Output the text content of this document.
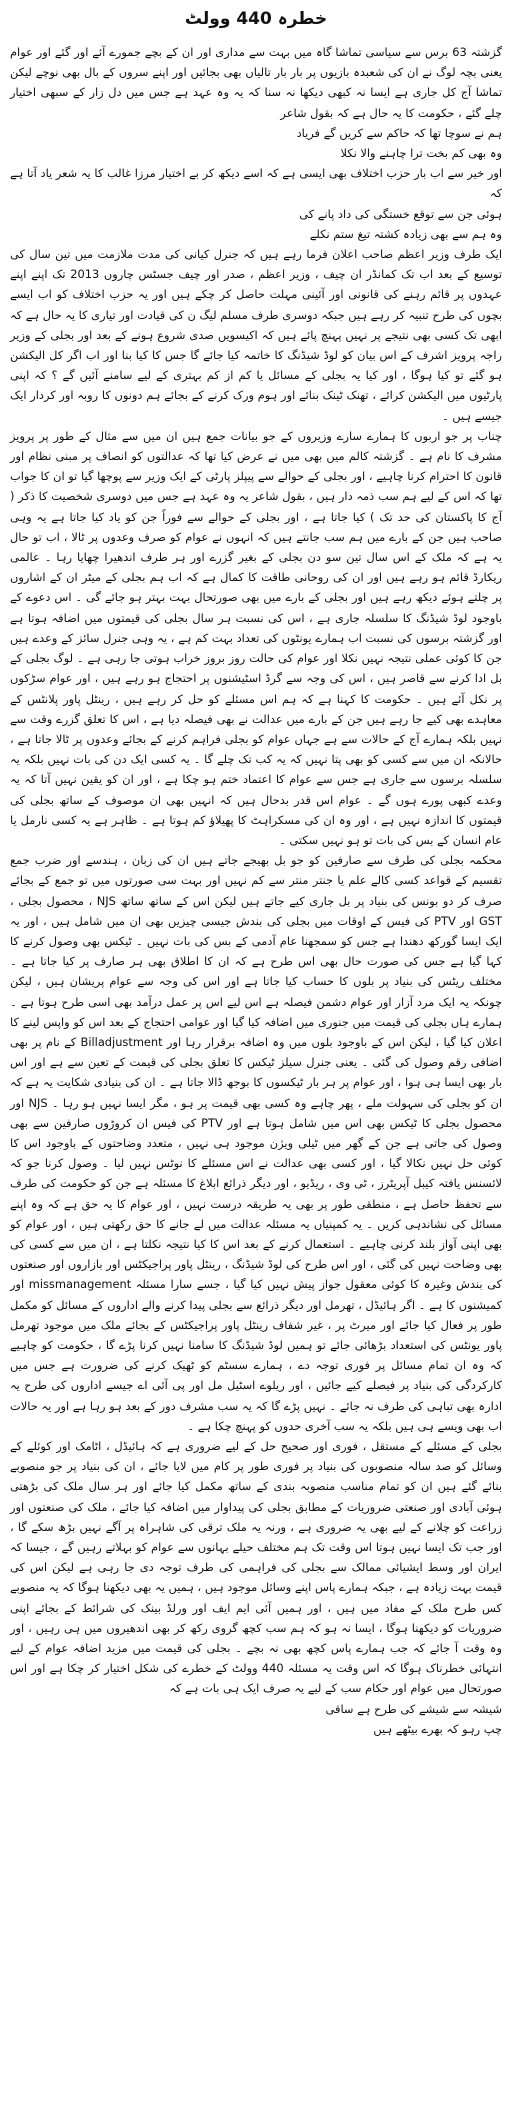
خطرہ 440 وولٹ

گزشتہ 63 برس سے سیاسی تماشا گاہ میں بہت سے مداری اور ان کے بچے جمورے آئے اور گئے اور عوام یعنی بچہ لوگ نے ان کی شعبدہ بازیوں پر بار بار تالیاں بھی بجائیں اور اپنے سروں کے بال بھی نوچے لیکن تماشا آج کل جاری ہے ایسا نہ کبھی دیکھا نہ سنا کہ یہ وہ عہد ہے جس میں دل زار کے سبھی اختیار چلے گئے ، حکومت کا یہ حال ہے کہ بقول شاعر

ہم نے سوچا تھا کہ حاکم سے کریں گے فریاد

وہ بھی کم بخت ترا چاہنے والا نکلا

اور خیر سے اب بار حزب اختلاف بھی ایسی ہے کہ اسے دیکھ کر بے اختیار مرزا غالب کا یہ شعر یاد آتا ہے کہ

ہوئی جن سے توقع خستگی کی داد پانے کی

وہ ہم سے بھی زیادہ کشتہ تیغ ستم نکلے

ایک طرف وزیر اعظم صاحب اعلان فرما رہے ہیں کہ جنرل کیانی کی مدت ملازمت میں تین سال کی توسیع کے بعد اب تک کمانڈر ان چیف ، وزیر اعظم ، صدر اور چیف جسٹس چاروں 2013 تک اپنے اپنے عہدوں پر قائم رہنے کی قانونی اور آئینی مہلت حاصل کر چکے ہیں اور یہ حزب اختلاف کو اب ایسے بچوں کی طرح تنبیہ کر رہے ہیں جبکہ دوسری طرف مسلم لیگ ن کی قیادت اور تیاری کا یہ حال ہے کہ ابھی تک کسی بھی نتیجے پر نہیں پہنچ پائے ہیں کہ اکیسویں صدی شروع ہونے کے بعد اور بجلی کے وزیر راجہ پرویز اشرف کے اس بیان کو لوڈ شیڈنگ کا خاتمہ کیا جائے گا جس کا کیا بنا اور اب اگر کل الیکشن ہو گئے تو کیا ہوگا ، اور کیا یہ بجلی کے مسائل یا کم از کم بہتری کے لیے سامنے آئیں گے ؟ کہ اپنی پارٹیوں میں الیکشن کرائے ، تھنک ٹینک بنائے اور ہوم ورک کرنے کے بجائے ہم دونوں کا روبہ اور کردار ایک جیسے ہیں ۔

چناب پر جو اربوں کا ہمارے سارے وزیروں کے جو بیانات جمع ہیں ان میں سے مثال کے طور پر پرویز مشرف کا نام ہے ۔ گزشتہ کالم میں بھی میں نے عرض کیا تھا کہ عدالتوں کو انصاف پر مبنی نظام اور قانون کا احترام کرنا چاہیے ، اور بجلی کے حوالے سے پیپلز پارٹی کے ایک وزیر سے پوچھا گیا تو ان کا جواب تھا کہ اس کے لیے ہم سب ذمہ دار ہیں ، بقول شاعر یہ وہ عہد ہے جس میں دوسری شخصیت کا ذکر ( آج کا پاکستان کی حد تک ) کیا جاتا ہے ، اور بجلی کے حوالے سے فوراً جن کو یاد کیا جاتا ہے یہ وہی صاحب ہیں جن کے بارے میں ہم سب جانتے ہیں کہ انہوں نے عوام کو صرف وعدوں پر ٹالا ، اب تو حال یہ ہے کہ ملک کے اس سال تین سو دن بجلی کے بغیر گزرے اور ہر طرف اندھیرا چھایا رہا ۔ عالمی ریکارڈ قائم ہو رہے ہیں اور ان کی روحانی طاقت کا کمال ہے کہ اب ہم بجلی کے میٹر ان کے اشاروں پر چلتے ہوئے دیکھ رہے ہیں اور بجلی کے بارے میں بھی صورتحال بہت بہتر ہو جائے گی ۔ اس دعوے کے باوجود لوڈ شیڈنگ کا سلسلہ جاری ہے ، اس کی نسبت ہر سال بجلی کی قیمتوں میں اضافہ ہوتا ہے اور گزشتہ برسوں کی نسبت اب ہمارے یونٹوں کی تعداد بہت کم ہے ، یہ وہی جنرل سائز کے وعدے ہیں جن کا کوئی عملی نتیجہ نہیں نکلا اور عوام کی حالت روز بروز خراب ہوتی جا رہی ہے ۔ لوگ بجلی کے بل ادا کرنے سے قاصر ہیں ، اس کی وجہ سے گرڈ اسٹیشنوں پر احتجاج ہو رہے ہیں ، اور عوام سڑکوں پر نکل آئے ہیں ۔ حکومت کا کہنا ہے کہ ہم اس مسئلے کو حل کر رہے ہیں ، رینٹل پاور پلانٹس کے معاہدے بھی کیے جا رہے ہیں جن کے بارے میں عدالت نے بھی فیصلہ دیا ہے ، اس کا تعلق گزرے وقت سے نہیں بلکہ ہمارے آج کے حالات سے ہے جہاں عوام کو بجلی فراہم کرنے کے بجائے وعدوں پر ٹالا جاتا ہے ، حالانکہ ان میں سے کسی کو بھی پتا نہیں کہ یہ کب تک چلے گا ۔ یہ کسی ایک دن کی بات نہیں بلکہ یہ سلسلہ برسوں سے جاری ہے جس سے عوام کا اعتماد ختم ہو چکا ہے ، اور ان کو یقین نہیں آتا کہ یہ وعدے کبھی پورے ہوں گے ۔ عوام اس قدر بدحال ہیں کہ انہیں بھی ان موصوف کے ساتھ بجلی کی قیمتوں کا اندازہ نہیں ہے ، اور وہ ان کی مسکراہٹ کا پھیلاؤ کم ہوتا ہے ۔ ظاہر ہے یہ کسی نارمل یا عام انسان کے بس کی بات تو ہو نہیں سکتی ۔

محکمہ بجلی کی طرف سے صارفین کو جو بل بھیجے جاتے ہیں ان کی زبان ، ہندسے اور ضرب جمع تقسیم کے قواعد کسی کالے علم یا جنتر منتر سے کم نہیں اور بہت سی صورتوں میں تو جمع کے بجائے صرف کر دو بونس کی بنیاد پر بل جاری کیے جاتے ہیں لیکن اس کے ساتھ ساتھ NJS ، محصول بجلی ، GST اور PTV کی فیس کے اوقات میں بجلی کی بندش جیسی چیزیں بھی ان میں شامل ہیں ، اور یہ ایک ایسا گورکھ دھندا ہے جس کو سمجھنا عام آدمی کے بس کی بات نہیں ۔ ٹیکس بھی وصول کرنے کا کہا گیا ہے جس کی صورت حال بھی اس طرح ہے کہ ان کا اطلاق بھی ہر صارف پر کیا جاتا ہے ۔ مختلف ریٹس کی بنیاد پر بلوں کا حساب کیا جاتا ہے اور اس کی وجہ سے عوام پریشان ہیں ، لیکن چونکہ یہ ایک مرد آزار اور عوام دشمن فیصلہ ہے اس لیے اس پر عمل درآمد بھی اسی طرح ہوتا ہے ۔ ہمارے ہاں بجلی کی قیمت میں جنوری میں اضافہ کیا گیا اور عوامی احتجاج کے بعد اس کو واپس لینے کا اعلان کیا گیا ، لیکن اس کے باوجود بلوں میں وہ اضافہ برقرار رہا اور Billadjustment کے نام پر بھی اضافی رقم وصول کی گئی ۔ یعنی جنرل سیلز ٹیکس کا تعلق بجلی کی قیمت کے تعین سے ہے اور اس بار بھی ایسا ہی ہوا ، اور عوام پر ہر بار ٹیکسوں کا بوجھ ڈالا جاتا ہے ۔ ان کی بنیادی شکایت یہ ہے کہ ان کو بجلی کی سہولت ملے ، پھر چاہے وہ کسی بھی قیمت پر ہو ، مگر ایسا نہیں ہو رہا ۔ NJS اور محصول بجلی کا ٹیکس بھی اس میں شامل ہوتا ہے اور PTV کی فیس ان کروڑوں صارفین سے بھی وصول کی جاتی ہے جن کے گھر میں ٹیلی ویژن موجود ہی نہیں ، متعدد وضاحتوں کے باوجود اس کا کوئی حل نہیں نکالا گیا ، اور کسی بھی عدالت نے اس مسئلے کا نوٹس نہیں لیا ۔ وصول کرنا جو کہ لائسنس یافتہ کیبل آپریٹرز ، ٹی وی ، ریڈیو ، اور دیگر ذرائع ابلاغ کا مسئلہ ہے جن کو حکومت کی طرف سے تحفظ حاصل ہے ، منطقی طور پر بھی یہ طریقہ درست نہیں ، اور عوام کا یہ حق ہے کہ وہ اپنے مسائل کی نشاندہی کریں ۔ یہ کمپنیاں یہ مسئلہ عدالت میں لے جانے کا حق رکھتی ہیں ، اور عوام کو بھی اپنی آواز بلند کرنی چاہیے ۔ استعمال کرنے کے بعد اس کا کیا نتیجہ نکلتا ہے ، ان میں سے کسی کی بھی وضاحت نہیں کی گئی ، اور اس طرح کی لوڈ شیڈنگ ، رینٹل پاور پراجیکٹس اور بازاروں اور صنعتوں کی بندش وغیرہ کا کوئی معقول جواز پیش نہیں کیا گیا ، جسے سارا مسئلہ missmanagement اور کمیشنوں کا ہے ۔ اگر ہائیڈل ، تھرمل اور دیگر ذرائع سے بجلی پیدا کرنے والے اداروں کے مسائل کو مکمل طور پر فعال کیا جائے اور میرٹ پر ، غیر شفاف رینٹل پاور پراجیکٹس کے بجائے ملک میں موجود تھرمل پاور یونٹس کی استعداد بڑھائی جائے تو ہمیں لوڈ شیڈنگ کا سامنا نہیں کرنا پڑے گا ، حکومت کو چاہیے کہ وہ ان تمام مسائل پر فوری توجہ دے ، ہمارے سسٹم کو ٹھیک کرنے کی ضرورت ہے جس میں کارکردگی کی بنیاد پر فیصلے کیے جائیں ، اور ریلوے اسٹیل مل اور پی آئی اے جیسے اداروں کی طرح یہ ادارہ بھی تباہی کی طرف نہ جائے ۔ نہیں پڑے گا کہ یہ سب مشرف دور کے بعد ہو رہا ہے اور یہ حالات اب بھی ویسے ہی ہیں بلکہ یہ سب آخری حدوں کو پہنچ چکا ہے ۔

بجلی کے مسئلے کے مستقل ، فوری اور صحیح حل کے لیے ضروری ہے کہ ہائیڈل ، اٹامک اور کوئلے کے وسائل کو صد سالہ منصوبوں کی بنیاد پر فوری طور پر کام میں لایا جائے ، ان کی بنیاد پر جو منصوبے بنائے گئے ہیں ان کو تمام مناسب منصوبہ بندی کے ساتھ مکمل کیا جائے اور ہر سال ملک کی بڑھتی ہوئی آبادی اور صنعتی ضروریات کے مطابق بجلی کی پیداوار میں اضافہ کیا جائے ، ملک کی صنعتوں اور زراعت کو چلانے کے لیے بھی یہ ضروری ہے ، ورنہ یہ ملک ترقی کی شاہراہ پر آگے نہیں بڑھ سکے گا ، اور جب تک ایسا نہیں ہوتا اس وقت تک ہم مختلف حیلے بہانوں سے عوام کو بہلاتے رہیں گے ، جیسا کہ ایران اور وسط ایشیائی ممالک سے بجلی کی فراہمی کی طرف توجہ دی جا رہی ہے لیکن اس کی قیمت بہت زیادہ ہے ، جبکہ ہمارے پاس اپنے وسائل موجود ہیں ، ہمیں یہ بھی دیکھنا ہوگا کہ یہ منصوبے کس طرح ملک کے مفاد میں ہیں ، اور ہمیں آئی ایم ایف اور ورلڈ بینک کی شرائط کے بجائے اپنی ضروریات کو دیکھنا ہوگا ، ایسا نہ ہو کہ ہم سب کچھ گروی رکھ کر بھی اندھیروں میں ہی رہیں ، اور وہ وقت آ جائے کہ جب ہمارے پاس کچھ بھی نہ بچے ۔ بجلی کی قیمت میں مزید اضافہ عوام کے لیے انتہائی خطرناک ہوگا کہ اس وقت یہ مسئلہ 440 وولٹ کے خطرے کی شکل اختیار کر چکا ہے اور اس صورتحال میں عوام اور حکام سب کے لیے یہ صرف ایک ہی بات ہے کہ

شیشہ سے شیشے کی طرح ہے ساقی

چپ رہو کہ بھرے بیٹھے ہیں
